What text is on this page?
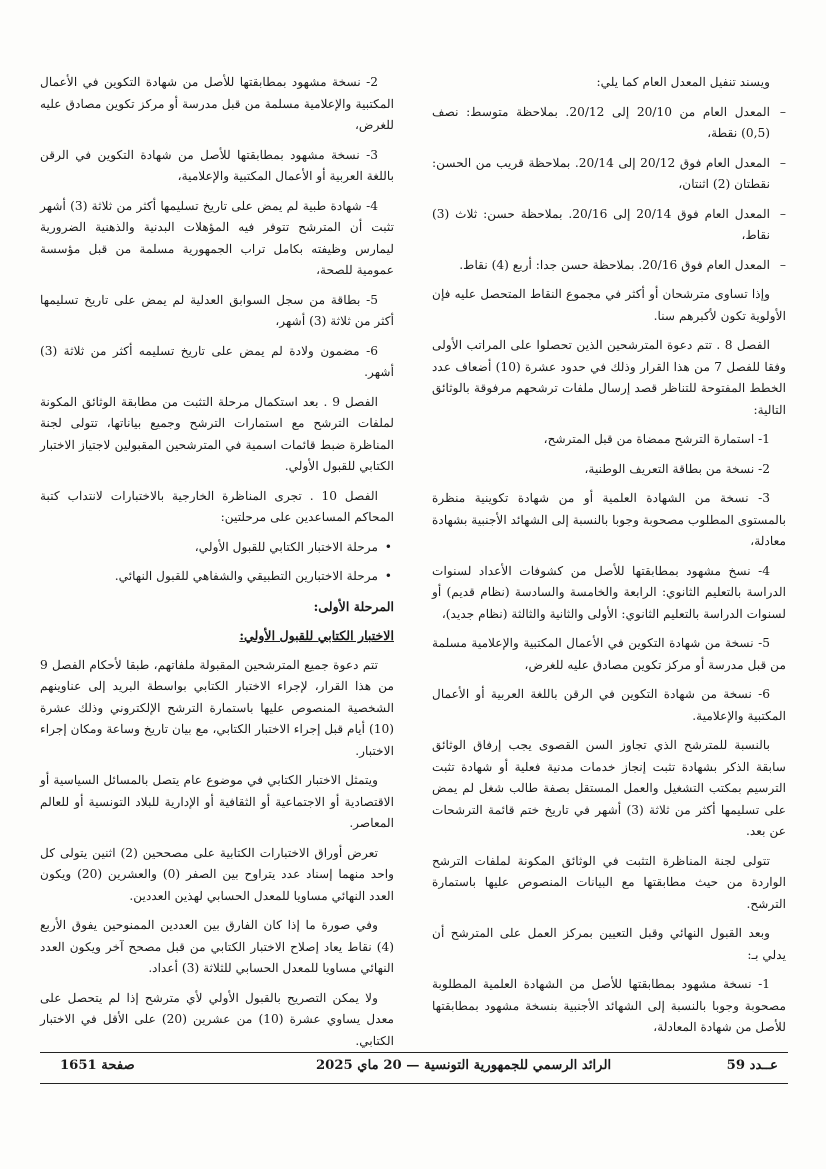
ويسند تنفيل المعدل العام كما يلي:

– المعدل العام من 20/10 إلى 20/12. بملاحظة متوسط: نصف (0,5) نقطة،
– المعدل العام فوق 20/12 إلى 20/14. بملاحظة قريب من الحسن: نقطتان (2) اثنتان،
– المعدل العام فوق 20/14 إلى 20/16. بملاحظة حسن: ثلاث (3) نقاط،
– المعدل العام فوق 20/16. بملاحظة حسن جدا: أربع (4) نقاط.

وإذا تساوى مترشحان أو أكثر في مجموع النقاط المتحصل عليه فإن الأولوية تكون لأكبرهم سنا.

الفصل 8 . تتم دعوة المترشحين الذين تحصلوا على المراتب الأولى وفقا للفصل 7 من هذا القرار وذلك في حدود عشرة (10) أضعاف عدد الخطط المفتوحة للتناظر قصد إرسال ملفات ترشحهم مرفوقة بالوثائق التالية:

1- استمارة الترشح ممضاة من قبل المترشح،

2- نسخة من بطاقة التعريف الوطنية،

3- نسخة من الشهادة العلمية أو من شهادة تكوينية منظرة بالمستوى المطلوب مصحوبة وجوبا بالنسبة إلى الشهائد الأجنبية بشهادة معادلة،

4- نسخ مشهود بمطابقتها للأصل من كشوفات الأعداد لسنوات الدراسة بالتعليم الثانوي: الرابعة والخامسة والسادسة (نظام قديم) أو لسنوات الدراسة بالتعليم الثانوي: الأولى والثانية والثالثة (نظام جديد)،

5- نسخة من شهادة التكوين في الأعمال المكتبية والإعلامية مسلمة من قبل مدرسة أو مركز تكوين مصادق عليه للغرض،

6- نسخة من شهادة التكوين في الرقن باللغة العربية أو الأعمال المكتبية والإعلامية.

بالنسبة للمترشح الذي تجاوز السن القصوى يجب إرفاق الوثائق سابقة الذكر بشهادة تثبت إنجاز خدمات مدنية فعلية أو شهادة تثبت الترسيم بمكتب التشغيل والعمل المستقل بصفة طالب شغل لم يمض على تسليمها أكثر من ثلاثة (3) أشهر في تاريخ ختم قائمة الترشحات عن بعد.

تتولى لجنة المناظرة التثبت في الوثائق المكونة لملفات الترشح الواردة من حيث مطابقتها مع البيانات المنصوص عليها باستمارة الترشح.

وبعد القبول النهائي وقبل التعيين بمركز العمل على المترشح أن يدلي بـ:

1- نسخة مشهود بمطابقتها للأصل من الشهادة العلمية المطلوبة مصحوبة وجوبا بالنسبة إلى الشهائد الأجنبية بنسخة مشهود بمطابقتها للأصل من شهادة المعادلة،

2- نسخة مشهود بمطابقتها للأصل من شهادة التكوين في الأعمال المكتبية والإعلامية مسلمة من قبل مدرسة أو مركز تكوين مصادق عليه للغرض،

3- نسخة مشهود بمطابقتها للأصل من شهادة التكوين في الرقن باللغة العربية أو الأعمال المكتبية والإعلامية،

4- شهادة طبية لم يمض على تاريخ تسليمها أكثر من ثلاثة (3) أشهر تثبت أن المترشح تتوفر فيه المؤهلات البدنية والذهنية الضرورية ليمارس وظيفته بكامل تراب الجمهورية مسلمة من قبل مؤسسة عمومية للصحة،

5- بطاقة من سجل السوابق العدلية لم يمض على تاريخ تسليمها أكثر من ثلاثة (3) أشهر،

6- مضمون ولادة لم يمض على تاريخ تسليمه أكثر من ثلاثة (3) أشهر.

الفصل 9 . بعد استكمال مرحلة التثبت من مطابقة الوثائق المكونة لملفات الترشح مع استمارات الترشح وجميع بياناتها، تتولى لجنة المناظرة ضبط قائمات اسمية في المترشحين المقبولين لاجتياز الاختبار الكتابي للقبول الأولي.

الفصل 10 . تجرى المناظرة الخارجية بالاختبارات لانتداب كتبة المحاكم المساعدين على مرحلتين:

• مرحلة الاختبار الكتابي للقبول الأولي،
• مرحلة الاختبارين التطبيقي والشفاهي للقبول النهائي.
المرحلة الأولى:
الاختبار الكتابي للقبول الأولي:

تتم دعوة جميع المترشحين المقبولة ملفاتهم، طبقا لأحكام الفصل 9 من هذا القرار، لإجراء الاختبار الكتابي بواسطة البريد إلى عناوينهم الشخصية المنصوص عليها باستمارة الترشح الإلكتروني وذلك عشرة (10) أيام قبل إجراء الاختبار الكتابي، مع بيان تاريخ وساعة ومكان إجراء الاختبار.

ويتمثل الاختبار الكتابي في موضوع عام يتصل بالمسائل السياسية أو الاقتصادية أو الاجتماعية أو الثقافية أو الإدارية للبلاد التونسية أو للعالم المعاصر.

تعرض أوراق الاختبارات الكتابية على مصححين (2) اثنين يتولى كل واحد منهما إسناد عدد يتراوح بين الصفر (0) والعشرين (20) ويكون العدد النهائي مساويا للمعدل الحسابي لهذين العددين.

وفي صورة ما إذا كان الفارق بين العددين الممنوحين يفوق الأربع (4) نقاط يعاد إصلاح الاختبار الكتابي من قبل مصحح آخر ويكون العدد النهائي مساويا للمعدل الحسابي للثلاثة (3) أعداد.

ولا يمكن التصريح بالقبول الأولي لأي مترشح إذا لم يتحصل على معدل يساوي عشرة (10) من عشرين (20) على الأقل في الاختبار الكتابي.

عــدد 59
الرائد الرسمي للجمهورية التونسية — 20 ماي 2025
صفحة 1651
